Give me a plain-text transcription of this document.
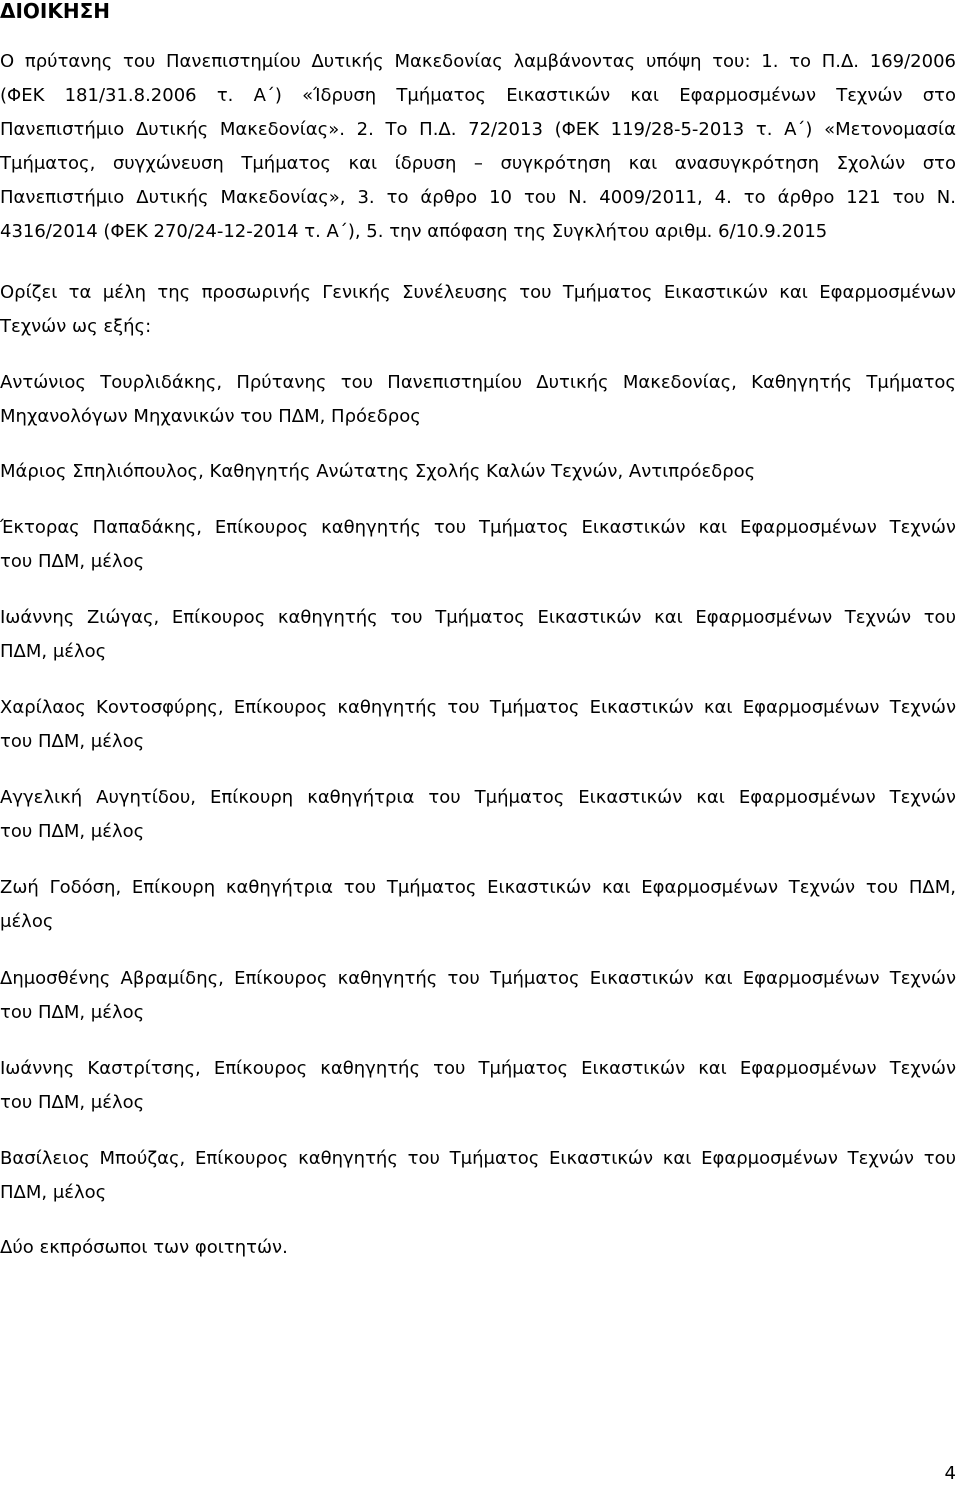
ΔΙΟΙΚΗΣΗ
Ο πρύτανης του Πανεπιστημίου Δυτικής Μακεδονίας λαμβάνοντας υπόψη του: 1. το Π.Δ. 169/2006
(ΦΕΚ 181/31.8.2006 τ. Α΄) «Ίδρυση Τμήματος Εικαστικών και Εφαρμοσμένων Τεχνών στο
Πανεπιστήμιο Δυτικής Μακεδονίας». 2. Το Π.Δ. 72/2013 (ΦΕΚ 119/28-5-2013 τ. Α΄) «Μετονομασία
Τμήματος, συγχώνευση Τμήματος και ίδρυση – συγκρότηση και ανασυγκρότηση Σχολών στο
Πανεπιστήμιο Δυτικής Μακεδονίας», 3. το άρθρο 10 του Ν. 4009/2011, 4. το άρθρο 121 του Ν.
4316/2014 (ΦΕΚ 270/24-12-2014 τ. Α΄), 5. την απόφαση της Συγκλήτου αριθμ. 6/10.9.2015
Ορίζει τα μέλη της προσωρινής Γενικής Συνέλευσης του Τμήματος Εικαστικών και Εφαρμοσμένων
Τεχνών ως εξής:
Αντώνιος Τουρλιδάκης, Πρύτανης του Πανεπιστημίου Δυτικής Μακεδονίας, Καθηγητής Τμήματος
Μηχανολόγων Μηχανικών του ΠΔΜ, Πρόεδρος
Μάριος Σπηλιόπουλος, Καθηγητής Ανώτατης Σχολής Καλών Τεχνών, Αντιπρόεδρος
Έκτορας Παπαδάκης, Επίκουρος καθηγητής του Τμήματος Εικαστικών και Εφαρμοσμένων Τεχνών
του ΠΔΜ, μέλος
Ιωάννης Ζιώγας, Επίκουρος καθηγητής του Τμήματος Εικαστικών και Εφαρμοσμένων Τεχνών του
ΠΔΜ, μέλος
Χαρίλαος Κοντοσφύρης, Επίκουρος καθηγητής του Τμήματος Εικαστικών και Εφαρμοσμένων Τεχνών
του ΠΔΜ, μέλος
Αγγελική Αυγητίδου, Επίκουρη καθηγήτρια του Τμήματος Εικαστικών και Εφαρμοσμένων Τεχνών
του ΠΔΜ, μέλος
Ζωή Γοδόση, Επίκουρη καθηγήτρια του Τμήματος Εικαστικών και Εφαρμοσμένων Τεχνών του ΠΔΜ,
μέλος
Δημοσθένης Αβραμίδης, Επίκουρος καθηγητής του Τμήματος Εικαστικών και Εφαρμοσμένων Τεχνών
του ΠΔΜ, μέλος
Ιωάννης Καστρίτσης, Επίκουρος καθηγητής του Τμήματος Εικαστικών και Εφαρμοσμένων Τεχνών
του ΠΔΜ, μέλος
Βασίλειος Μπούζας, Επίκουρος καθηγητής του Τμήματος Εικαστικών και Εφαρμοσμένων Τεχνών του
ΠΔΜ, μέλος
Δύο εκπρόσωποι των φοιτητών.
4
